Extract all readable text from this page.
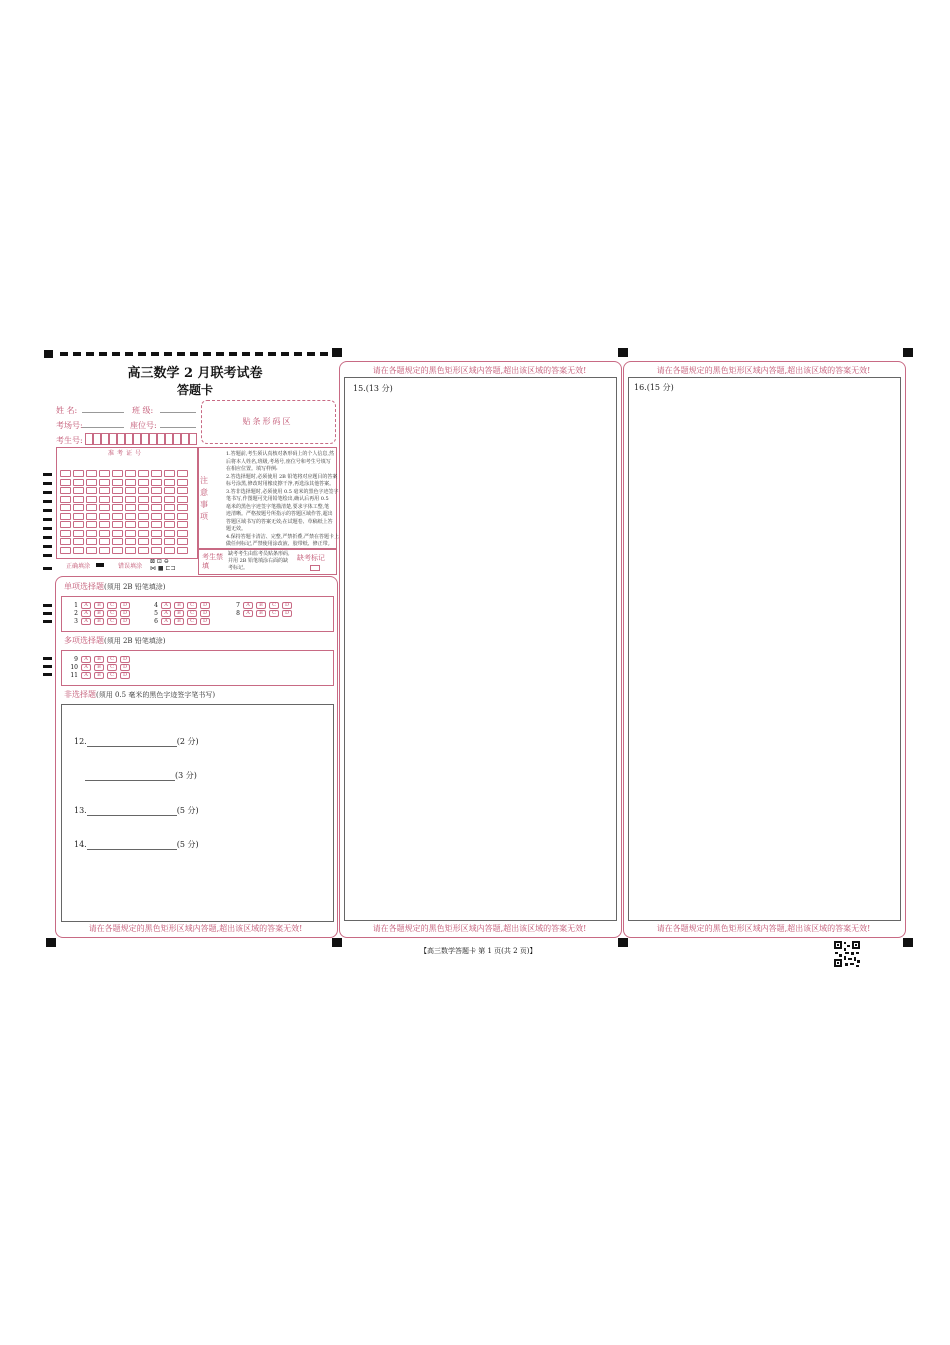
高三数学 2 月联考试卷
答题卡
姓 名:	班 级:
考场号:	座位号:
考生号:
贴条形码区
准考证号
注意事项
1.答题前,考生须认真核对条形码上的个人信息,然
后将本人姓名,班级,考场号,座位号和考生号填写
在相应位置。填写样例:
2.答选择题时,必须使用 2B 铅笔将对应题目的答案
标号涂黑,修改时用橡皮擦干净,再选涂其他答案。
3.答非选择题时,必须使用 0.5 毫米的黑色字迹签字
笔书写,作图题可先用铅笔绘出,确认后再用 0.5
毫米的黑色字迹签字笔描清楚,要求字体工整,笔
迹清晰。严格按题号所指示的答题区域作答,超出
答题区域书写的答案无效;在试题卷、草稿纸上答
题无效。
4.保持答题卡清洁、完整,严禁折叠,严禁在答题卡上
做任何标记,严禁使用涂改液、胶带纸、修正带。
正确填涂	错误填涂
⊠ ⊡ ⊖
⋈ ■ ⊏⊐
考生禁填
缺考考生由监考员贴条形码,并用 2B 铅笔填涂右面的缺考标记。
缺考标记
单项选择题(须用 2B 铅笔填涂)
1	A	B	C	D
2	A	B	C	D
3	A	B	C	D
4	A	B	C	D
5	A	B	C	D
6	A	B	C	D
7	A	B	C	D
8	A	B	C	D
多项选择题(须用 2B 铅笔填涂)
9	A	B	C	D
10	A	B	C	D
11	A	B	C	D
非选择题(须用 0.5 毫米的黑色字迹签字笔书写)
12.	(2 分)
(3 分)
13.	(5 分)
14.	(5 分)
请在各题规定的黑色矩形区域内答题,超出该区域的答案无效!
请在各题规定的黑色矩形区域内答题,超出该区域的答案无效!
15.(13 分)
请在各题规定的黑色矩形区域内答题,超出该区域的答案无效!
请在各题规定的黑色矩形区域内答题,超出该区域的答案无效!
16.(15 分)
请在各题规定的黑色矩形区域内答题,超出该区域的答案无效!
【高三数学答题卡 第 1 页(共 2 页)】
